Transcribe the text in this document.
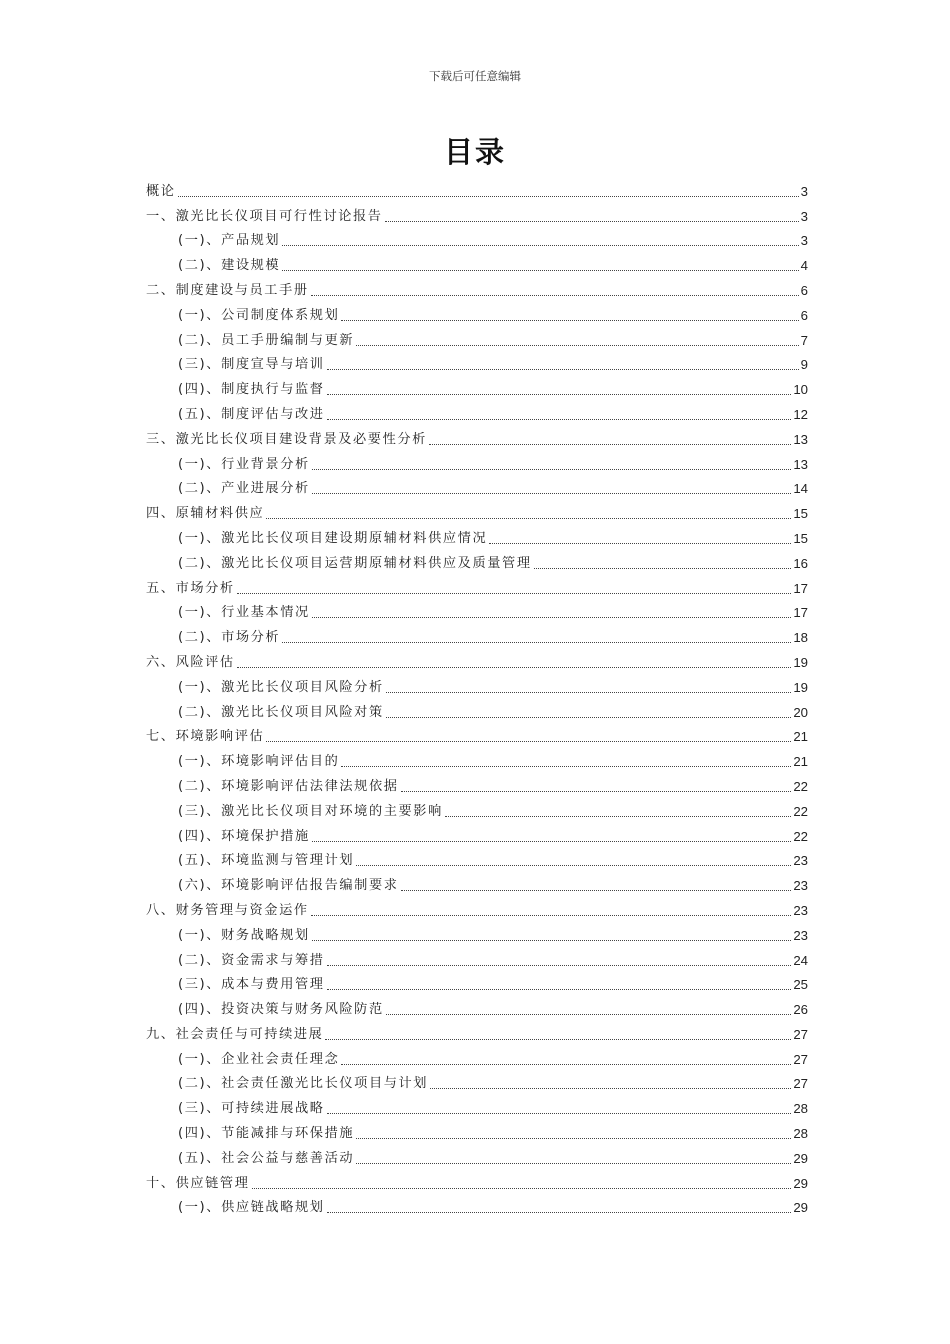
下载后可任意编辑
目录
概论	3
一、激光比长仪项目可行性讨论报告	3
(一)、产品规划	3
(二)、建设规模	4
二、制度建设与员工手册	6
(一)、公司制度体系规划	6
(二)、员工手册编制与更新	7
(三)、制度宣导与培训	9
(四)、制度执行与监督	10
(五)、制度评估与改进	12
三、激光比长仪项目建设背景及必要性分析	13
(一)、行业背景分析	13
(二)、产业进展分析	14
四、原辅材料供应	15
(一)、激光比长仪项目建设期原辅材料供应情况	15
(二)、激光比长仪项目运营期原辅材料供应及质量管理	16
五、市场分析	17
(一)、行业基本情况	17
(二)、市场分析	18
六、风险评估	19
(一)、激光比长仪项目风险分析	19
(二)、激光比长仪项目风险对策	20
七、环境影响评估	21
(一)、环境影响评估目的	21
(二)、环境影响评估法律法规依据	22
(三)、激光比长仪项目对环境的主要影响	22
(四)、环境保护措施	22
(五)、环境监测与管理计划	23
(六)、环境影响评估报告编制要求	23
八、财务管理与资金运作	23
(一)、财务战略规划	23
(二)、资金需求与筹措	24
(三)、成本与费用管理	25
(四)、投资决策与财务风险防范	26
九、社会责任与可持续进展	27
(一)、企业社会责任理念	27
(二)、社会责任激光比长仪项目与计划	27
(三)、可持续进展战略	28
(四)、节能减排与环保措施	28
(五)、社会公益与慈善活动	29
十、供应链管理	29
(一)、供应链战略规划	29
